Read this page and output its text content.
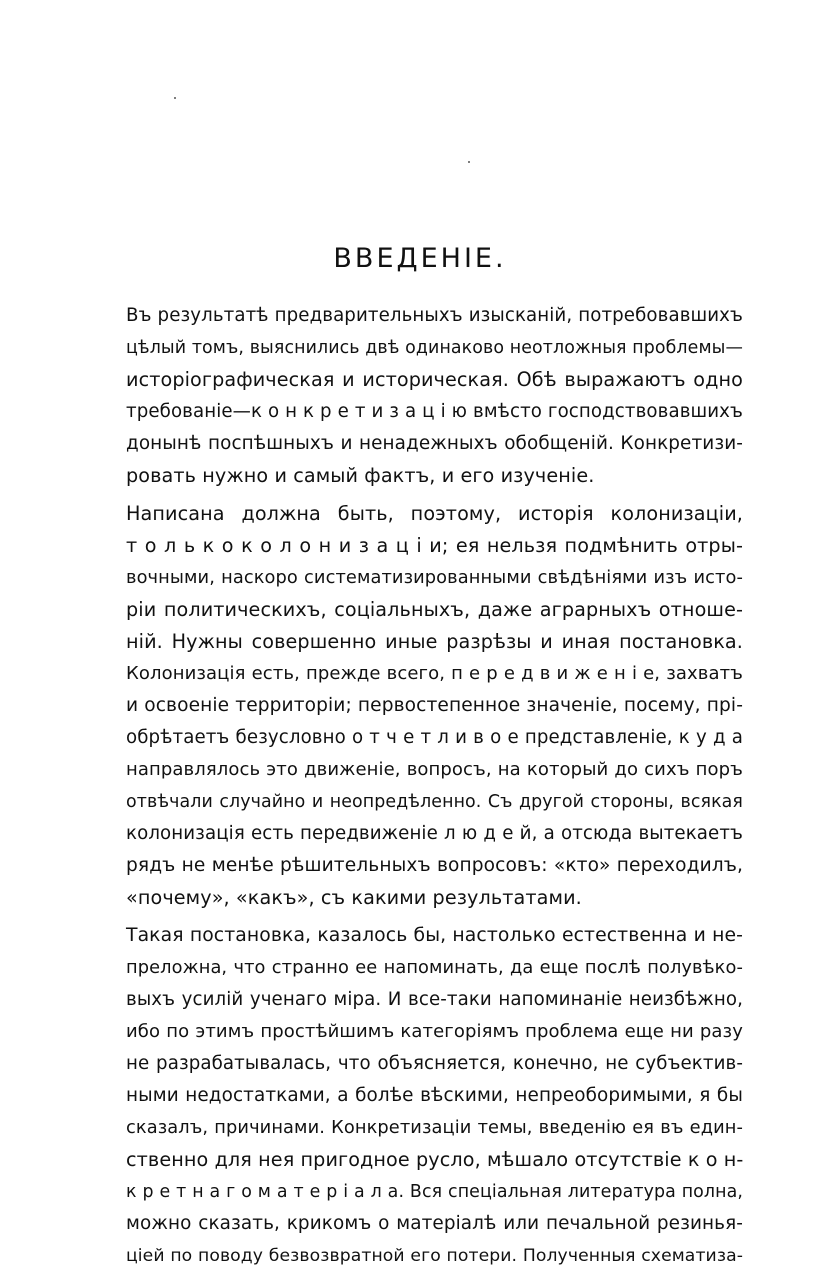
ВВЕДЕНІЕ.
Въ результатѣ предварительныхъ изысканій, потребовавшихъ
цѣлый томъ, выяснились двѣ одинаково неотложныя проблемы—
исторіографическая и историческая. Обѣ выражаютъ одно
требованіе—к о н к р е т и з а ц і ю вмѣсто господствовавшихъ
донынѣ поспѣшныхъ и ненадежныхъ обобщеній. Конкретизи-
ровать нужно и самый фактъ, и его изученіе.
Написана должна быть, поэтому, исторія колонизаціи,
т о л ь к о к о л о н и з а ц і и; ея нельзя подмѣнить отры-
вочными, наскоро систематизированными свѣдѣніями изъ исто-
ріи политическихъ, соціальныхъ, даже аграрныхъ отноше-
ній. Нужны совершенно иные разрѣзы и иная постановка.
Колонизація есть, прежде всего, п е р е д в и ж е н і е, захватъ
и освоеніе территоріи; первостепенное значеніе, посему, прі-
обрѣтаетъ безусловно о т ч е т л и в о е представленіе, к у д а
направлялось это движеніе, вопросъ, на который до сихъ поръ
отвѣчали случайно и неопредѣленно. Съ другой стороны, всякая
колонизація есть передвиженіе л ю д е й, а отсюда вытекаетъ
рядъ не менѣе рѣшительныхъ вопросовъ: «кто» переходилъ,
«почему», «какъ», съ какими результатами.
Такая постановка, казалось бы, настолько естественна и не-
преложна, что странно ее напоминать, да еще послѣ полувѣко-
выхъ усилій ученаго міра. И все-таки напоминаніе неизбѣжно,
ибо по этимъ простѣйшимъ категоріямъ проблема еще ни разу
не разрабатывалась, что объясняется, конечно, не субъектив-
ными недостатками, а болѣе вѣскими, непреоборимыми, я бы
сказалъ, причинами. Конкретизаціи темы, введенію ея въ един-
ственно для нея пригодное русло, мѣшало отсутствіе к о н-
к р е т н а г о м а т е р і а л а. Вся спеціальная литература полна,
можно сказать, крикомъ о матеріалѣ или печальной резинья-
ціей по поводу безвозвратной его потери. Полученныя схематиза-
